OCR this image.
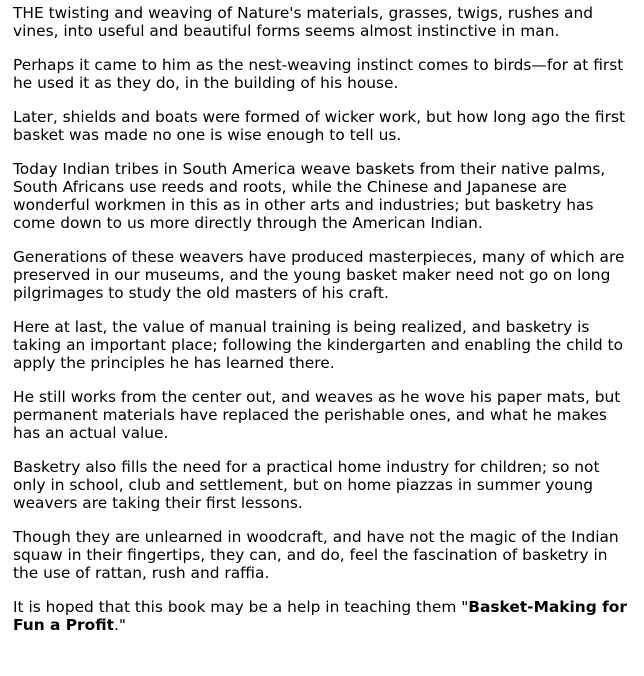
THE twisting and weaving of Nature's materials, grasses, twigs, rushes and vines, into useful and beautiful forms seems almost instinctive in man.

Perhaps it came to him as the nest-weaving instinct comes to birds—for at first he used it as they do, in the building of his house.

Later, shields and boats were formed of wicker work, but how long ago the first basket was made no one is wise enough to tell us.

Today Indian tribes in South America weave baskets from their native palms, South Africans use reeds and roots, while the Chinese and Japanese are wonderful workmen in this as in other arts and industries; but basketry has come down to us more directly through the American Indian.

Generations of these weavers have produced masterpieces, many of which are preserved in our museums, and the young basket maker need not go on long pilgrimages to study the old masters of his craft.

Here at last, the value of manual training is being realized, and basketry is taking an important place; following the kindergarten and enabling the child to apply the principles he has learned there.

He still works from the center out, and weaves as he wove his paper mats, but permanent materials have replaced the perishable ones, and what he makes has an actual value.

Basketry also fills the need for a practical home industry for children; so not only in school, club and settlement, but on home piazzas in summer young weavers are taking their first lessons.

Though they are unlearned in woodcraft, and have not the magic of the Indian squaw in their fingertips, they can, and do, feel the fascination of basketry in the use of rattan, rush and raffia.

It is hoped that this book may be a help in teaching them "Basket-Making for Fun a Profit."
